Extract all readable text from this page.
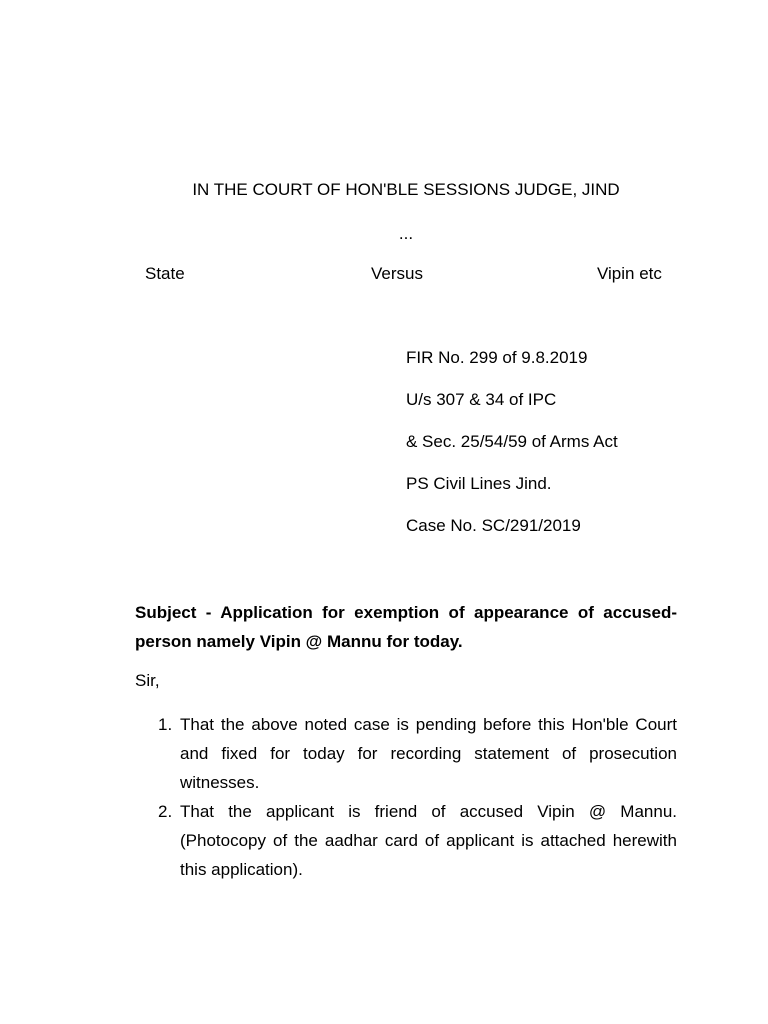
IN THE COURT OF HON'BLE SESSIONS JUDGE, JIND
...
State	Versus	Vipin etc
FIR No. 299 of 9.8.2019
U/s 307 & 34 of IPC
& Sec. 25/54/59 of Arms Act
PS Civil Lines Jind.
Case No. SC/291/2019
Subject - Application for exemption of appearance of accused-person namely Vipin @ Mannu for today.
Sir,
1. That the above noted case is pending before this Hon'ble Court and fixed for today for recording statement of prosecution witnesses.
2. That the applicant is friend of accused Vipin @ Mannu. (Photocopy of the aadhar card of applicant is attached herewith this application).
